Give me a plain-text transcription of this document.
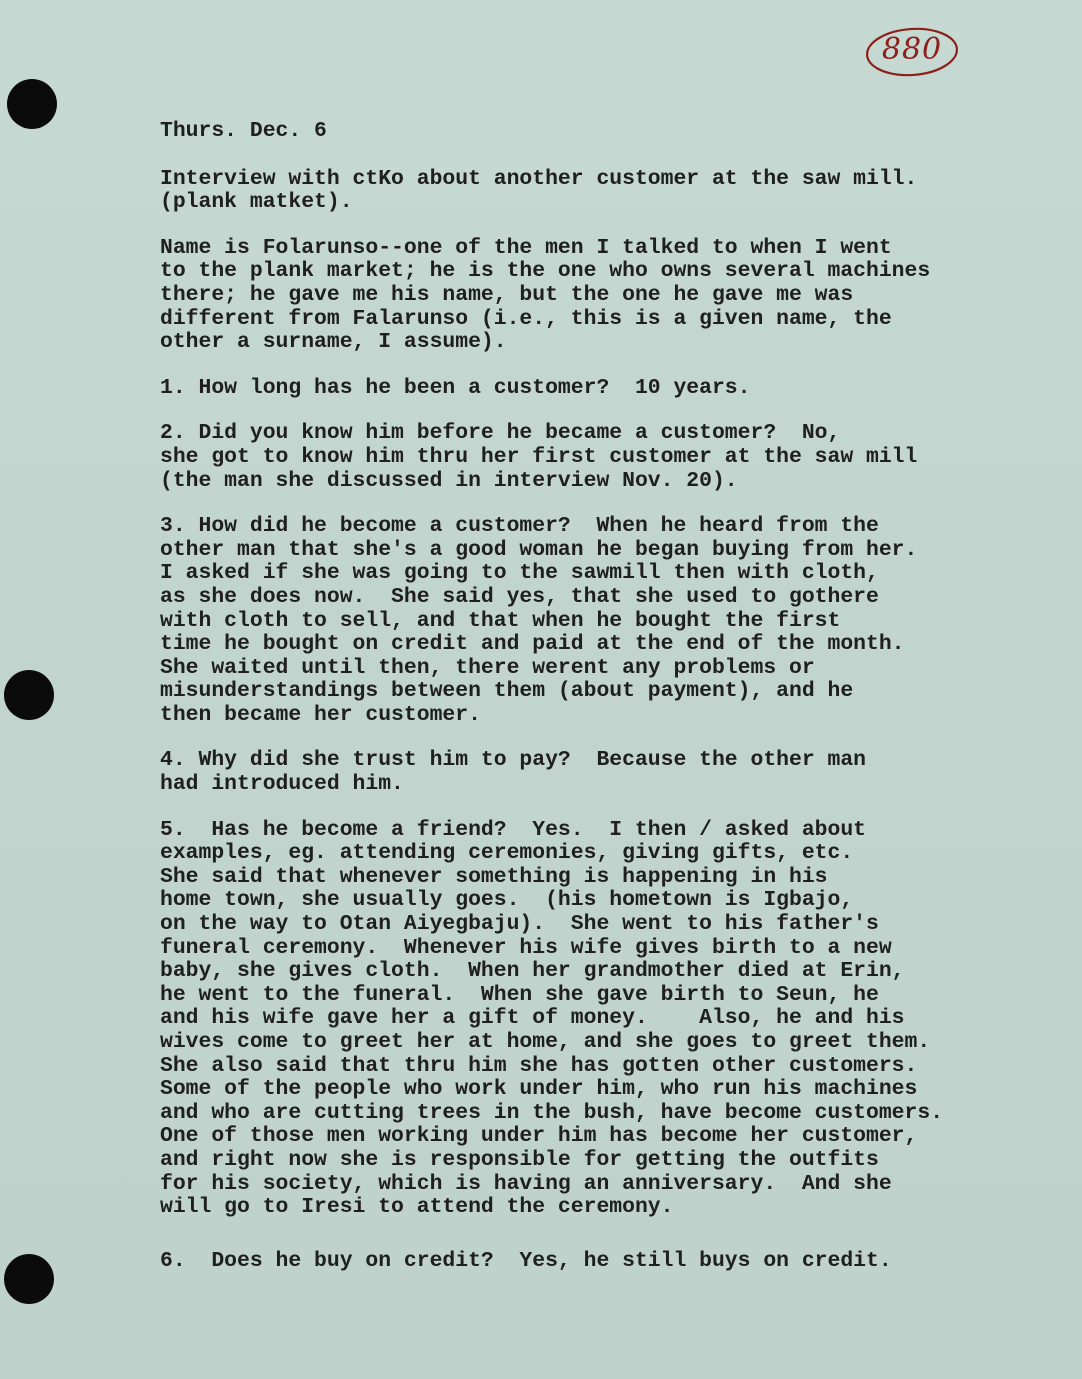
880

Thurs. Dec. 6

Interview with ctKo about another customer at the saw mill.
(plank matket).

Name is Folarunso--one of the men I talked to when I went
to the plank market; he is the one who owns several machines
there; he gave me his name, but the one he gave me was
different from Falarunso (i.e., this is a given name, the
other a surname, I assume).

1. How long has he been a customer?  10 years.

2. Did you know him before he became a customer?  No,
she got to know him thru her first customer at the saw mill
(the man she discussed in interview Nov. 20).

3. How did he become a customer?  When he heard from the
other man that she's a good woman he began buying from her.
I asked if she was going to the sawmill then with cloth,
as she does now.  She said yes, that she used to gothere
with cloth to sell, and that when he bought the first
time he bought on credit and paid at the end of the month.
She waited until then, there werent any problems or
misunderstandings between them (about payment), and he
then became her customer.

4. Why did she trust him to pay?  Because the other man
had introduced him.

5.  Has he become a friend?  Yes.  I then / asked about
examples, eg. attending ceremonies, giving gifts, etc.
She said that whenever something is happening in his
home town, she usually goes.  (his hometown is Igbajo,
on the way to Otan Aiyegbaju).  She went to his father's
funeral ceremony.  Whenever his wife gives birth to a new
baby, she gives cloth.  When her grandmother died at Erin,
he went to the funeral.  When she gave birth to Seun, he
and his wife gave her a gift of money.    Also, he and his
wives come to greet her at home, and she goes to greet them.
She also said that thru him she has gotten other customers.
Some of the people who work under him, who run his machines
and who are cutting trees in the bush, have become customers.
One of those men working under him has become her customer,
and right now she is responsible for getting the outfits
for his society, which is having an anniversary.  And she
will go to Iresi to attend the ceremony.

6.  Does he buy on credit?  Yes, he still buys on credit.
